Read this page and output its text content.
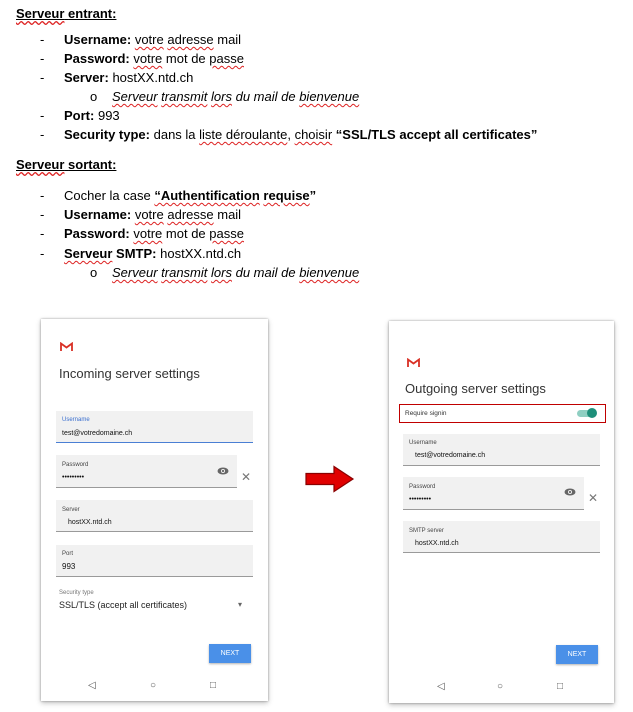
Serveur entrant:
- Username: votre adresse mail
- Password: votre mot de passe
- Server: hostXX.ntd.ch
o Serveur transmit lors du mail de bienvenue
- Port: 993
- Security type: dans la liste déroulante, choisir “SSL/TLS accept all certificates”
Serveur sortant:
- Cocher la case “Authentification requise”
- Username: votre adresse mail
- Password: votre mot de passe
- Serveur SMTP: hostXX.ntd.ch
o Serveur transmit lors du mail de bienvenue
Incoming server settings
Username
test@votredomaine.ch
Password
•••••••••	✕
Server
hostXX.ntd.ch
Port
993
Security type
SSL/TLS (accept all certificates)	▾
NEXT
◁	○	□
Outgoing server settings
Require signin
Username
test@votredomaine.ch
Password
•••••••••	✕
SMTP server
hostXX.ntd.ch
NEXT
◁	○	□
